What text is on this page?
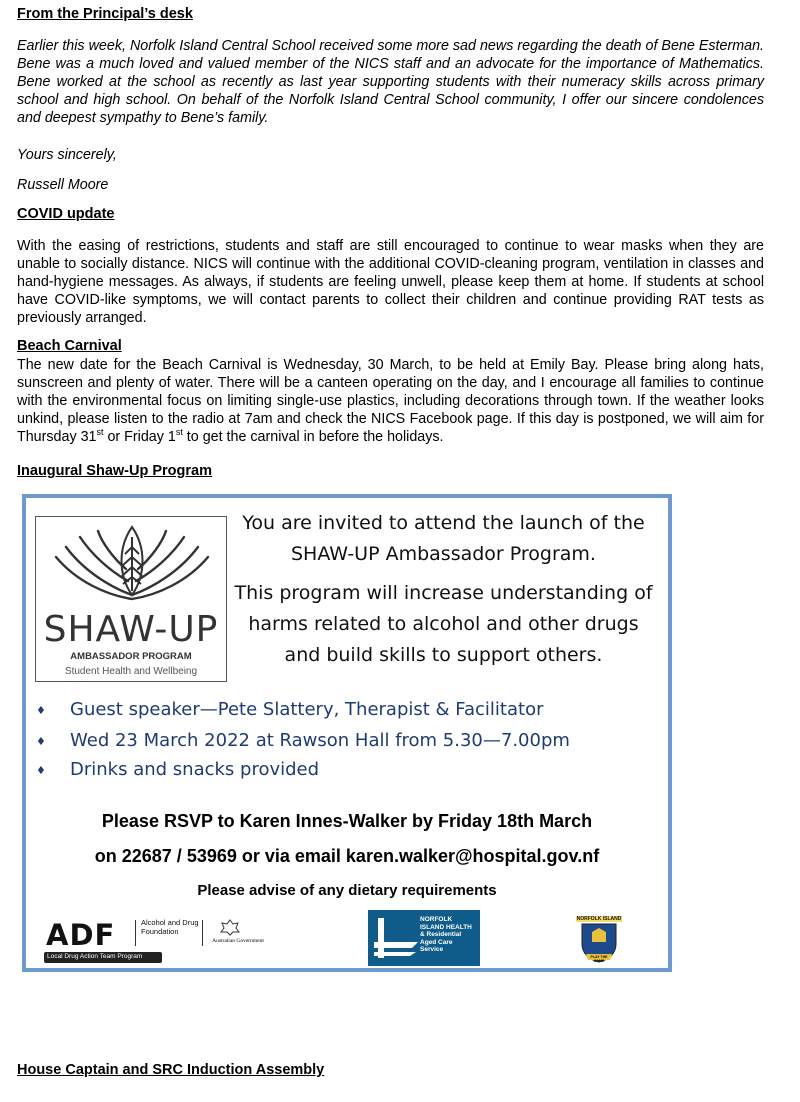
From the Principal’s desk

Earlier this week, Norfolk Island Central School received some more sad news regarding the death of Bene Esterman. Bene was a much loved and valued member of the NICS staff and an advocate for the importance of Mathematics. Bene worked at the school as recently as last year supporting students with their numeracy skills across primary school and high school. On behalf of the Norfolk Island Central School community, I offer our sincere condolences and deepest sympathy to Bene’s family.

Yours sincerely,

Russell Moore

COVID update

With the easing of restrictions, students and staff are still encouraged to continue to wear masks when they are unable to socially distance. NICS will continue with the additional COVID-cleaning program, ventilation in classes and hand-hygiene messages. As always, if students are feeling unwell, please keep them at home. If students at school have COVID-like symptoms, we will contact parents to collect their children and continue providing RAT tests as previously arranged.

Beach Carnival

The new date for the Beach Carnival is Wednesday, 30 March, to be held at Emily Bay. Please bring along hats, sunscreen and plenty of water. There will be a canteen operating on the day, and I encourage all families to continue with the environmental focus on limiting single-use plastics, including decorations through town. If the weather looks unkind, please listen to the radio at 7am and check the NICS Facebook page. If this day is postponed, we will aim for Thursday 31st or Friday 1st to get the carnival in before the holidays.

Inaugural Shaw-Up Program

SHAW-UP
AMBASSADOR PROGRAM
Student Health and Wellbeing

You are invited to attend the launch of the

SHAW-UP Ambassador Program.

This program will increase understanding of

harms related to alcohol and other drugs

and build skills to support others.

♦ Guest speaker—Pete Slattery, Therapist & Facilitator

♦ Wed 23 March 2022 at Rawson Hall from 5.30—7.00pm

♦ Drinks and snacks provided

Please RSVP to Karen Innes-Walker by Friday 18th March

on 22687 / 53969 or via email karen.walker@hospital.gov.nf

Please advise of any dietary requirements

ADF	Alcohol and Drug Foundation
Australian Government
Local Drug Action Team Program
NORFOLK ISLAND HEALTH & Residential Aged Care Service
NORFOLK ISLAND
PLAY THE GAME

House Captain and SRC Induction Assembly
